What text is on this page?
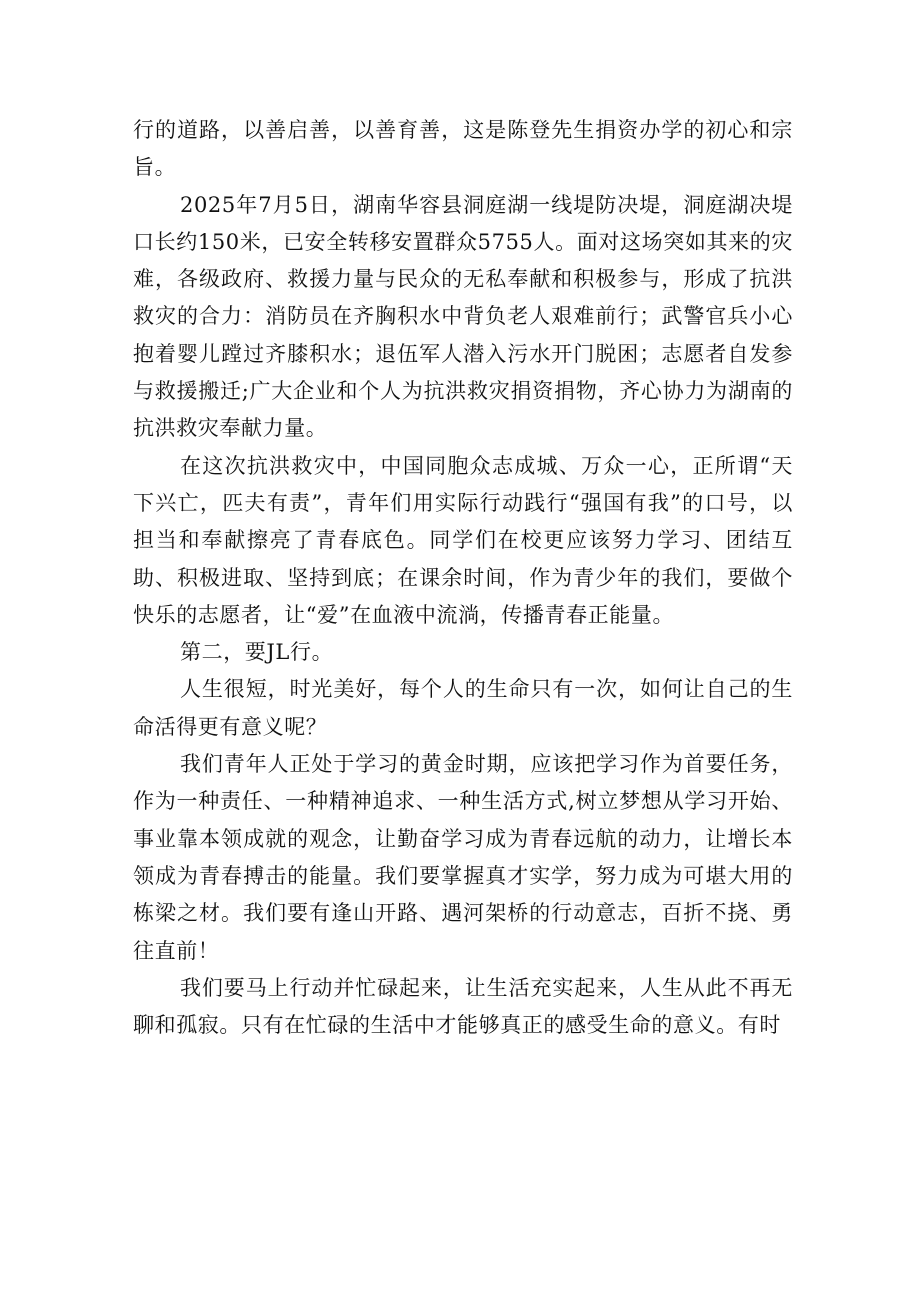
行的道路，以善启善，以善育善，这是陈登先生捐资办学的初心和宗旨。

2025年7月5日，湖南华容县洞庭湖一线堤防决堤，洞庭湖决堤口长约150米，已安全转移安置群众5755人。面对这场突如其来的灾难，各级政府、救援力量与民众的无私奉献和积极参与，形成了抗洪救灾的合力：消防员在齐胸积水中背负老人艰难前行；武警官兵小心抱着婴儿蹚过齐膝积水；退伍军人潜入污水开门脱困；志愿者自发参与救援搬迁;广大企业和个人为抗洪救灾捐资捐物，齐心协力为湖南的抗洪救灾奉献力量。

在这次抗洪救灾中，中国同胞众志成城、万众一心，正所谓“天下兴亡，匹夫有责”，青年们用实际行动践行“强国有我”的口号，以担当和奉献擦亮了青春底色。同学们在校更应该努力学习、团结互助、积极进取、坚持到底；在课余时间，作为青少年的我们，要做个快乐的志愿者，让“爱”在血液中流淌，传播青春正能量。

第二，要JL行。

人生很短，时光美好，每个人的生命只有一次，如何让自己的生命活得更有意义呢？

我们青年人正处于学习的黄金时期，应该把学习作为首要任务，作为一种责任、一种精神追求、一种生活方式,树立梦想从学习开始、事业靠本领成就的观念，让勤奋学习成为青春远航的动力，让增长本领成为青春搏击的能量。我们要掌握真才实学，努力成为可堪大用的栋梁之材。我们要有逢山开路、遇河架桥的行动意志，百折不挠、勇往直前！

我们要马上行动并忙碌起来，让生活充实起来，人生从此不再无聊和孤寂。只有在忙碌的生活中才能够真正的感受生命的意义。有时
